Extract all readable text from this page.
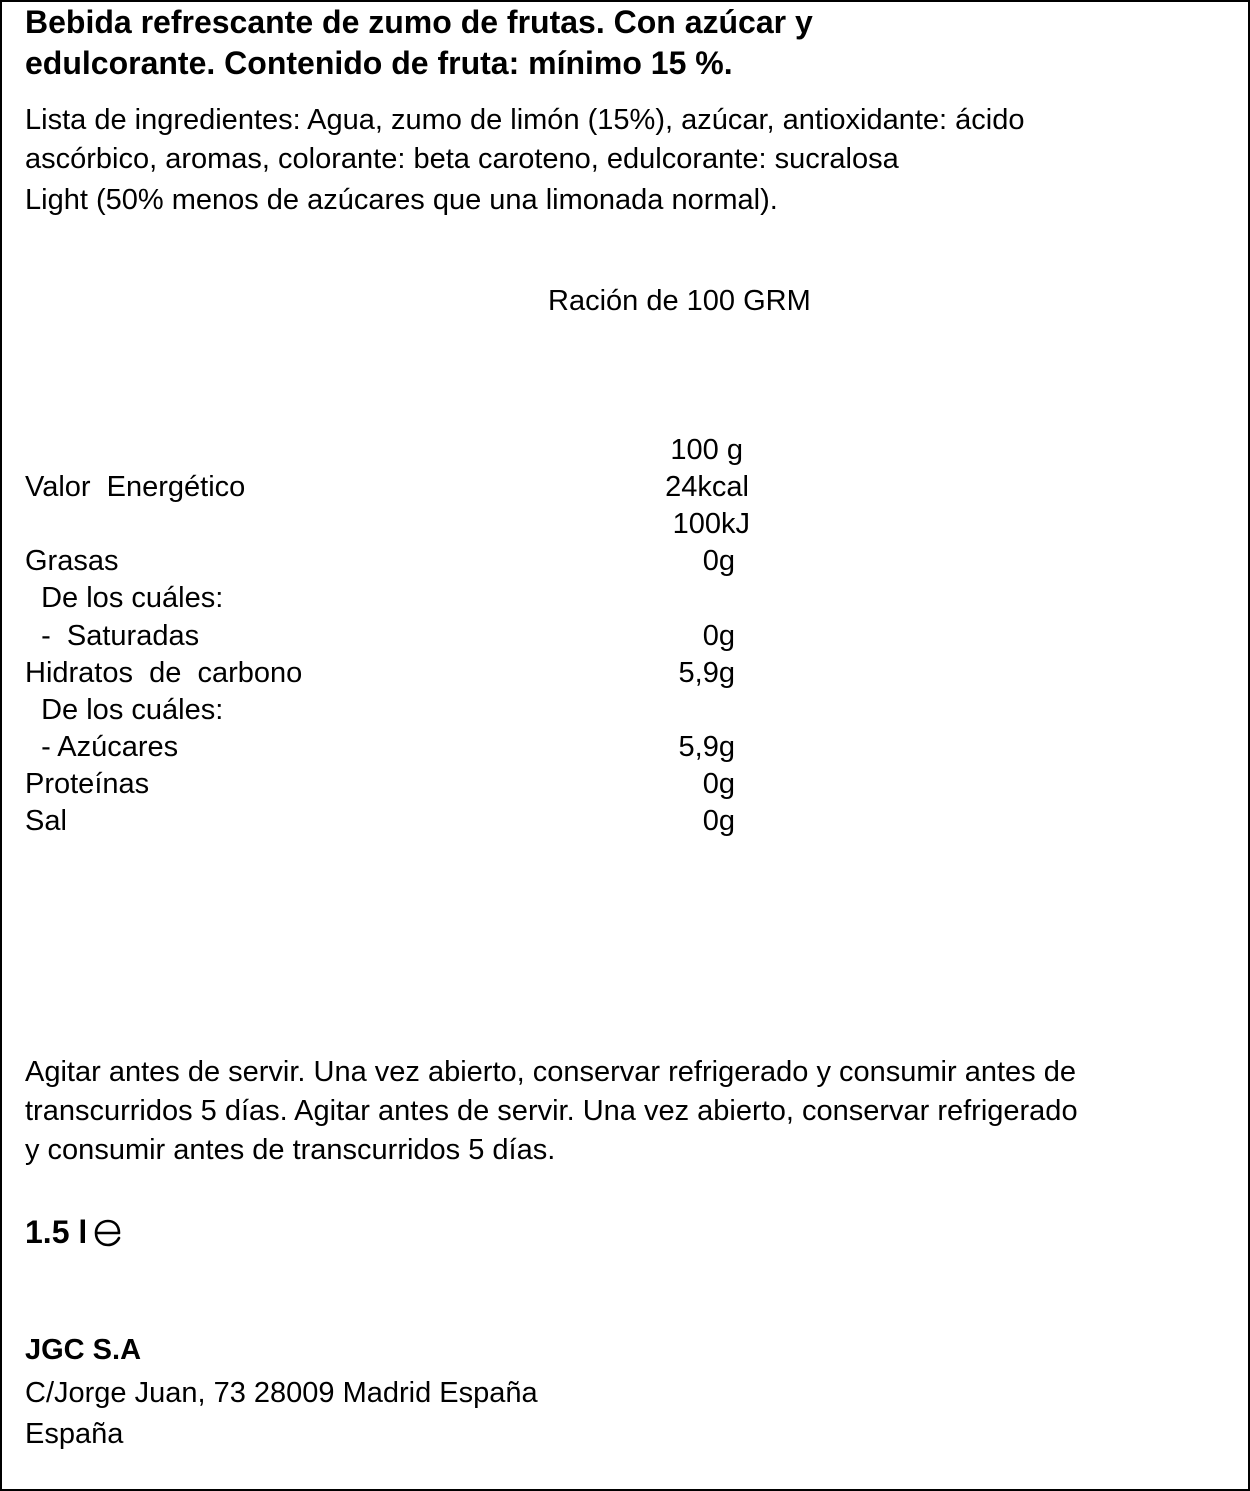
Bebida refrescante de zumo de frutas. Con azúcar y
edulcorante. Contenido de fruta: mínimo 15 %.
Lista de ingredientes: Agua, zumo de limón (15%), azúcar, antioxidante: ácido
ascórbico, aromas, colorante: beta caroteno, edulcorante: sucralosa
Light (50% menos de azúcares que una limonada normal).
Ración de 100 GRM
100 g
Valor  Energético	24kcal
100kJ
Grasas	0g
De los cuáles:
-  Saturadas	0g
Hidratos  de  carbono	5,9g
De los cuáles:
- Azúcares	5,9g
Proteínas	0g
Sal	0g
Agitar antes de servir. Una vez abierto, conservar refrigerado y consumir antes de
transcurridos 5 días. Agitar antes de servir. Una vez abierto, conservar refrigerado
y consumir antes de transcurridos 5 días.
1.5 l
JGC S.A
C/Jorge Juan, 73 28009 Madrid España
España
